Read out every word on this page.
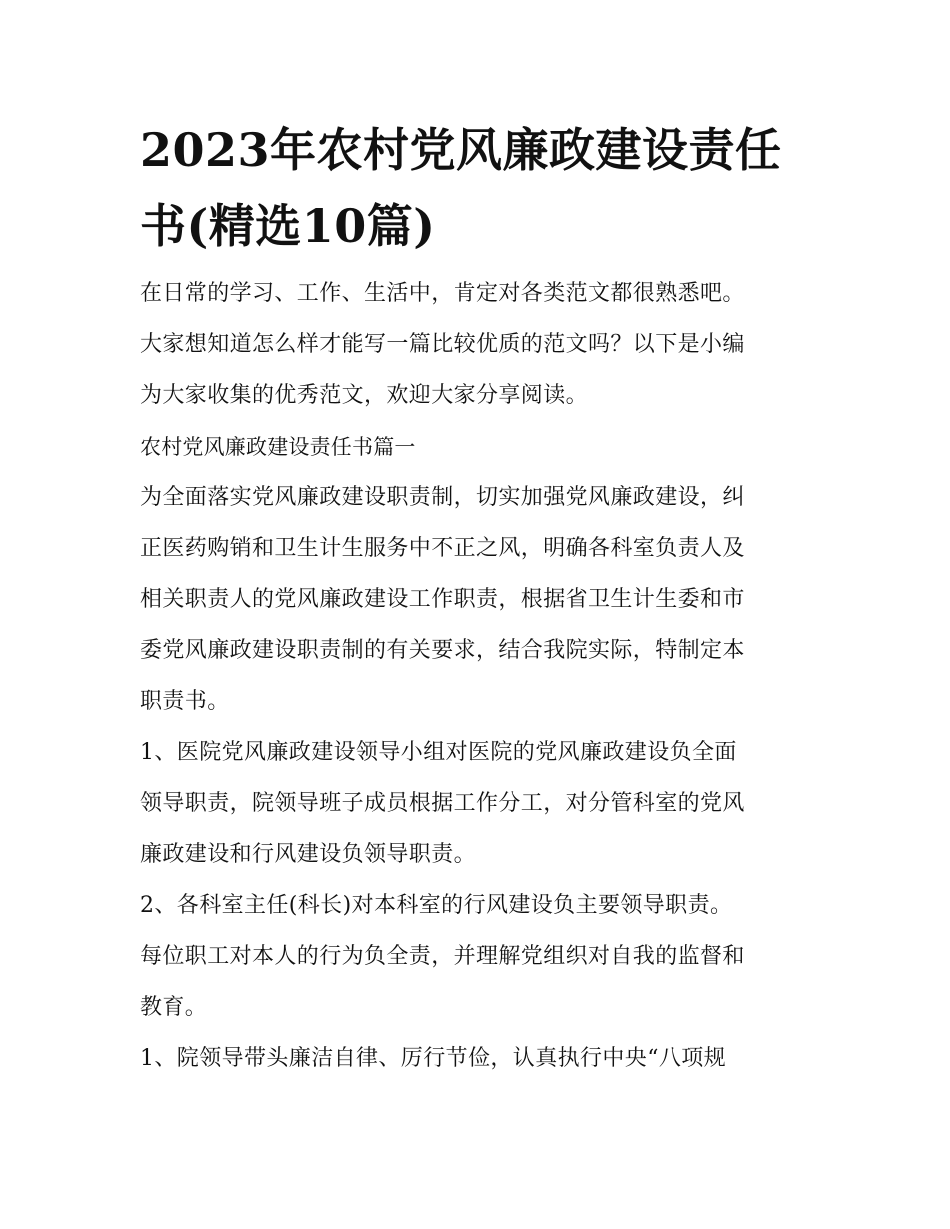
2023年农村党风廉政建设责任
书(精选10篇)
在日常的学习、工作、生活中，肯定对各类范文都很熟悉吧。
大家想知道怎么样才能写一篇比较优质的范文吗？以下是小编
为大家收集的优秀范文，欢迎大家分享阅读。
农村党风廉政建设责任书篇一
为全面落实党风廉政建设职责制，切实加强党风廉政建设，纠
正医药购销和卫生计生服务中不正之风，明确各科室负责人及
相关职责人的党风廉政建设工作职责，根据省卫生计生委和市
委党风廉政建设职责制的有关要求，结合我院实际，特制定本
职责书。
1、医院党风廉政建设领导小组对医院的党风廉政建设负全面
领导职责，院领导班子成员根据工作分工，对分管科室的党风
廉政建设和行风建设负领导职责。
2、各科室主任(科长)对本科室的行风建设负主要领导职责。
每位职工对本人的行为负全责，并理解党组织对自我的监督和
教育。
1、院领导带头廉洁自律、厉行节俭，认真执行中央“八项规
